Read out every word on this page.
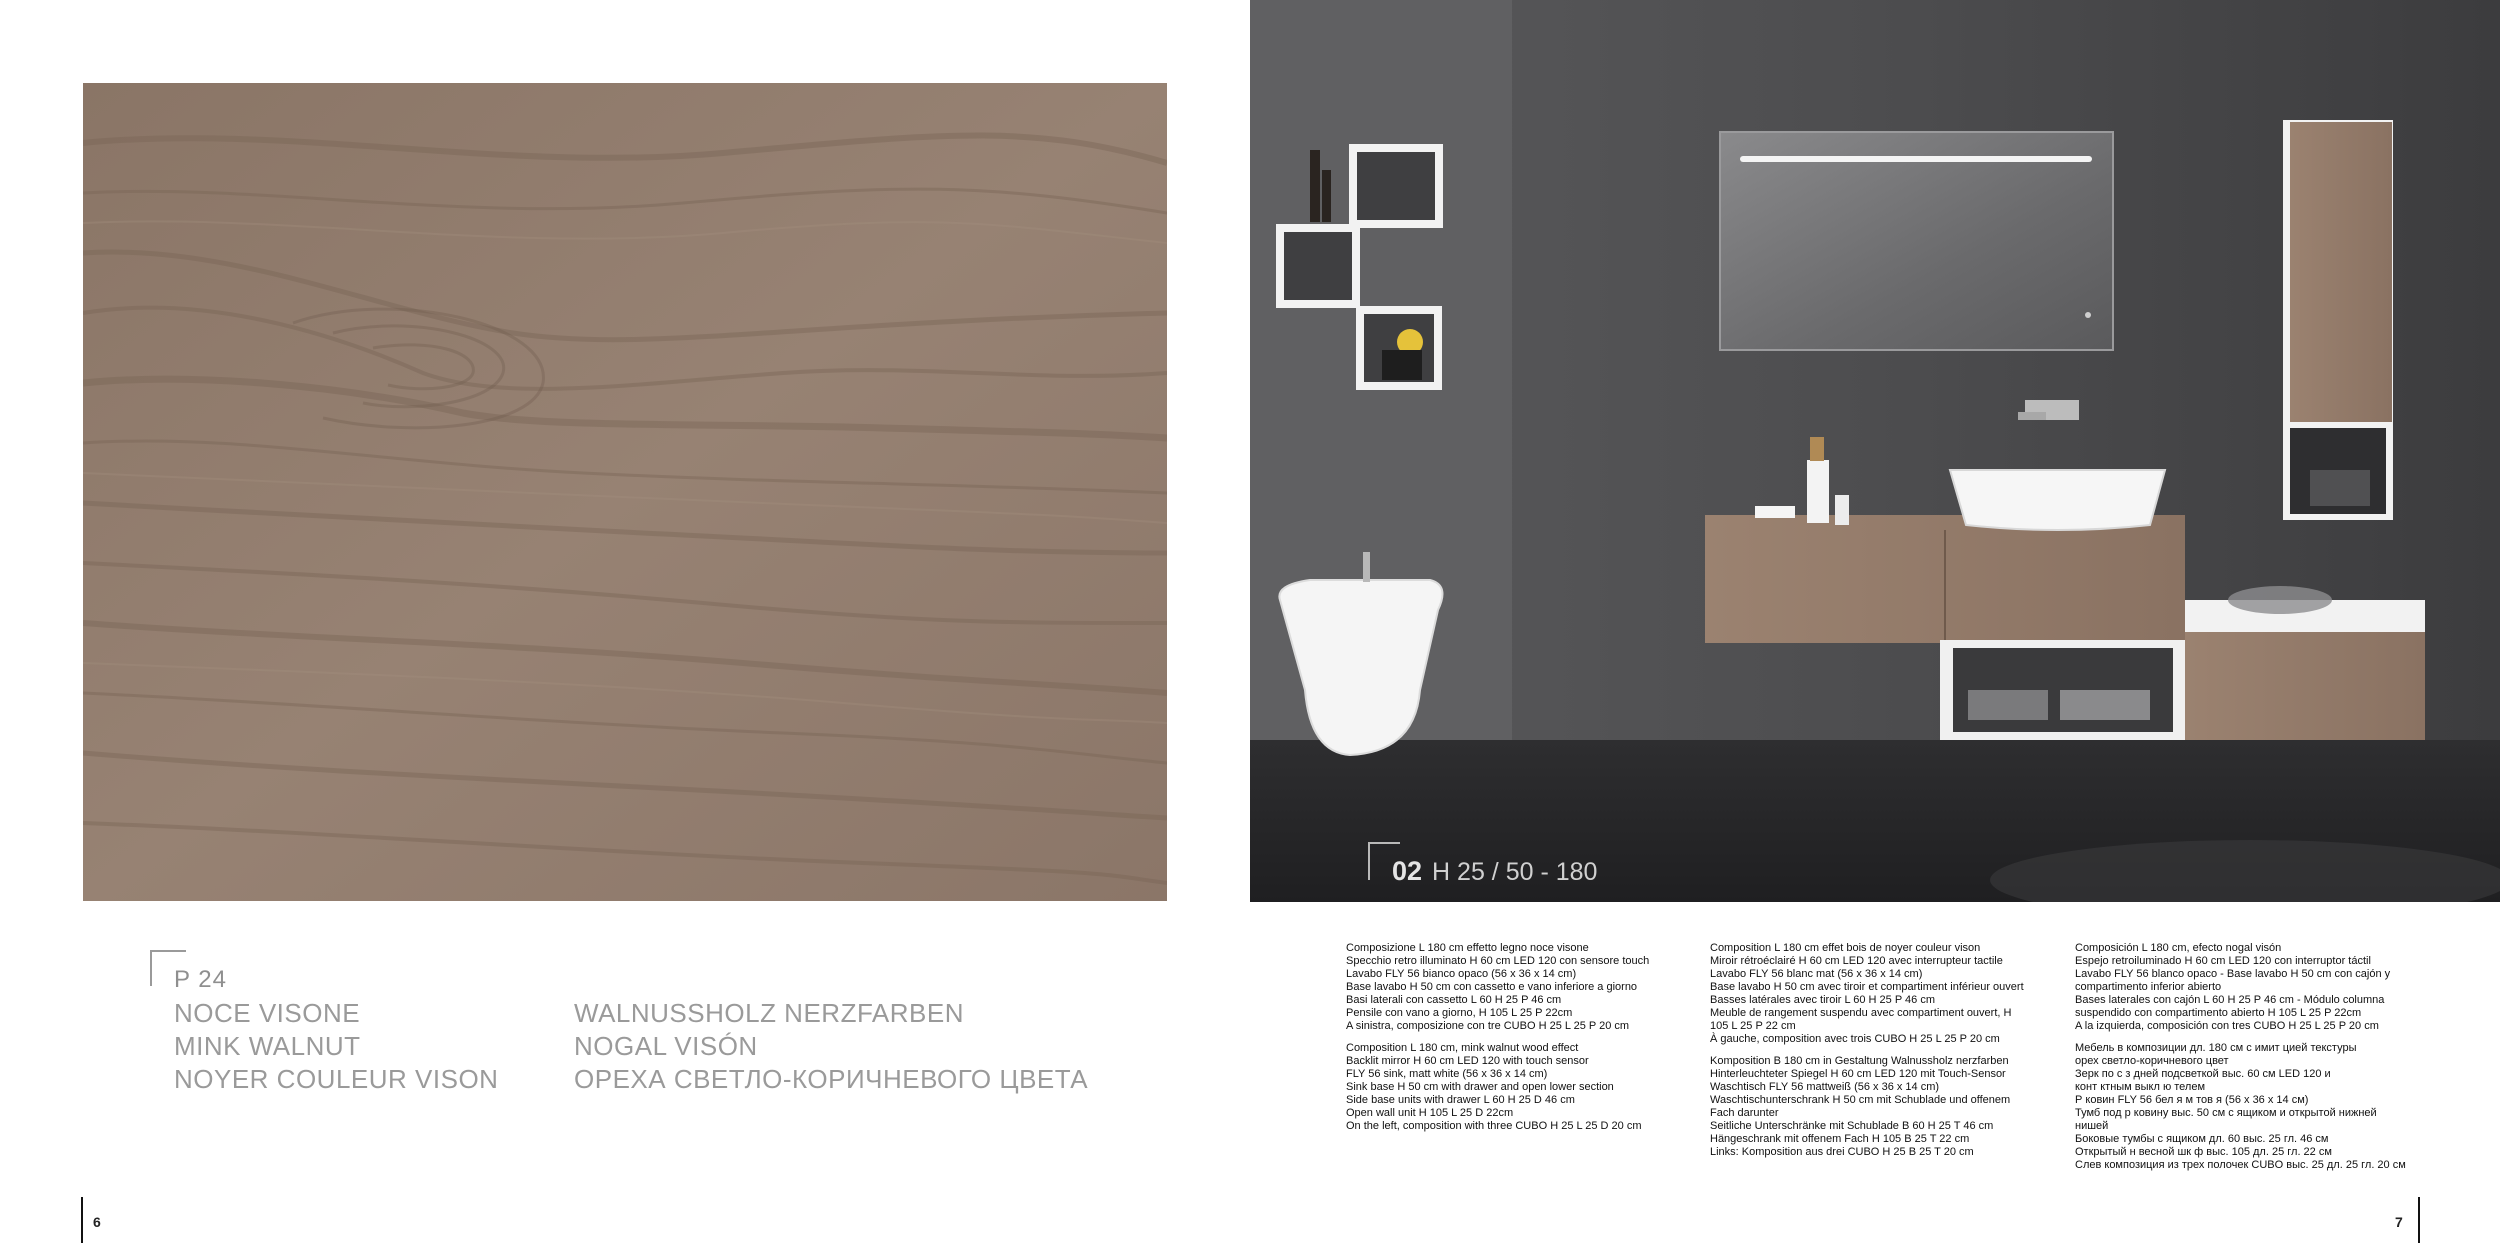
P 24
NOCE VISONE
MINK WALNUT
NOYER COULEUR VISON
WALNUSSHOLZ NERZFARBEN
NOGAL VISÓN
ОРЕХА СВЕТЛО-КОРИЧНЕВОГО ЦВЕТА
6
02 H 25 / 50 - 180

Composizione L 180 cm effetto legno noce visone
Specchio retro illuminato H 60 cm LED 120 con sensore touch
Lavabo FLY 56 bianco opaco (56 x 36 x 14 cm)
Base lavabo H 50 cm con cassetto e vano inferiore a giorno
Basi laterali con cassetto L 60 H 25 P 46 cm
Pensile con vano a giorno, H 105 L 25 P 22cm
A sinistra, composizione con tre CUBO H 25 L 25 P 20 cm

Composition L 180 cm, mink walnut wood effect
Backlit mirror H 60 cm LED 120 with touch sensor
FLY 56 sink, matt white (56 x 36 x 14 cm)
Sink base H 50 cm with drawer and open lower section
Side base units with drawer L 60 H 25 D 46 cm
Open wall unit H 105 L 25 D 22cm
On the left, composition with three CUBO H 25 L 25 D 20 cm

Composition L 180 cm effet bois de noyer couleur vison
Miroir rétroéclairé H 60 cm LED 120 avec interrupteur tactile
Lavabo FLY 56 blanc mat (56 x 36 x 14 cm)
Base lavabo H 50 cm avec tiroir et compartiment inférieur ouvert
Basses latérales avec tiroir L 60 H 25 P 46 cm
Meuble de rangement suspendu avec compartiment ouvert, H
105 L 25 P 22 cm
À gauche, composition avec trois CUBO H 25 L 25 P 20 cm

Komposition B 180 cm in Gestaltung Walnussholz nerzfarben
Hinterleuchteter Spiegel H 60 cm LED 120 mit Touch-Sensor
Waschtisch FLY 56 mattweiß (56 x 36 x 14 cm)
Waschtischunterschrank H 50 cm mit Schublade und offenem
Fach darunter
Seitliche Unterschränke mit Schublade B 60 H 25 T 46 cm
Hängeschrank mit offenem Fach H 105 B 25 T 22 cm
Links: Komposition aus drei CUBO H 25 B 25 T 20 cm

Composición L 180 cm, efecto nogal visón
Espejo retroiluminado H 60 cm LED 120 con interruptor táctil
Lavabo FLY 56 blanco opaco - Base lavabo H 50 cm con cajón y
compartimento inferior abierto
Bases laterales con cajón L 60 H 25 P 46 cm - Módulo columna
suspendido con compartimento abierto H 105 L 25 P 22cm
A la izquierda, composición con tres CUBO H 25 L 25 P 20 cm

Мебель в композиции дл. 180 см с имит цией текстуры
орех светло-коричневого цвет
Зерк по с з дней подсветкой выс. 60 см LED 120 и
конт ктным выкл ю телем
Р ковин FLY 56 бел я м тов я (56 x 36 x 14 см)
Тумб под р ковину выс. 50 см с ящиком и открытой нижней
нишей
Боковые тумбы с ящиком дл. 60 выс. 25 гл. 46 см
Открытый н весной шк ф выс. 105 дл. 25 гл. 22 см
Слев композиция из трех полочек CUBO выс. 25 дл. 25 гл. 20 см

7
